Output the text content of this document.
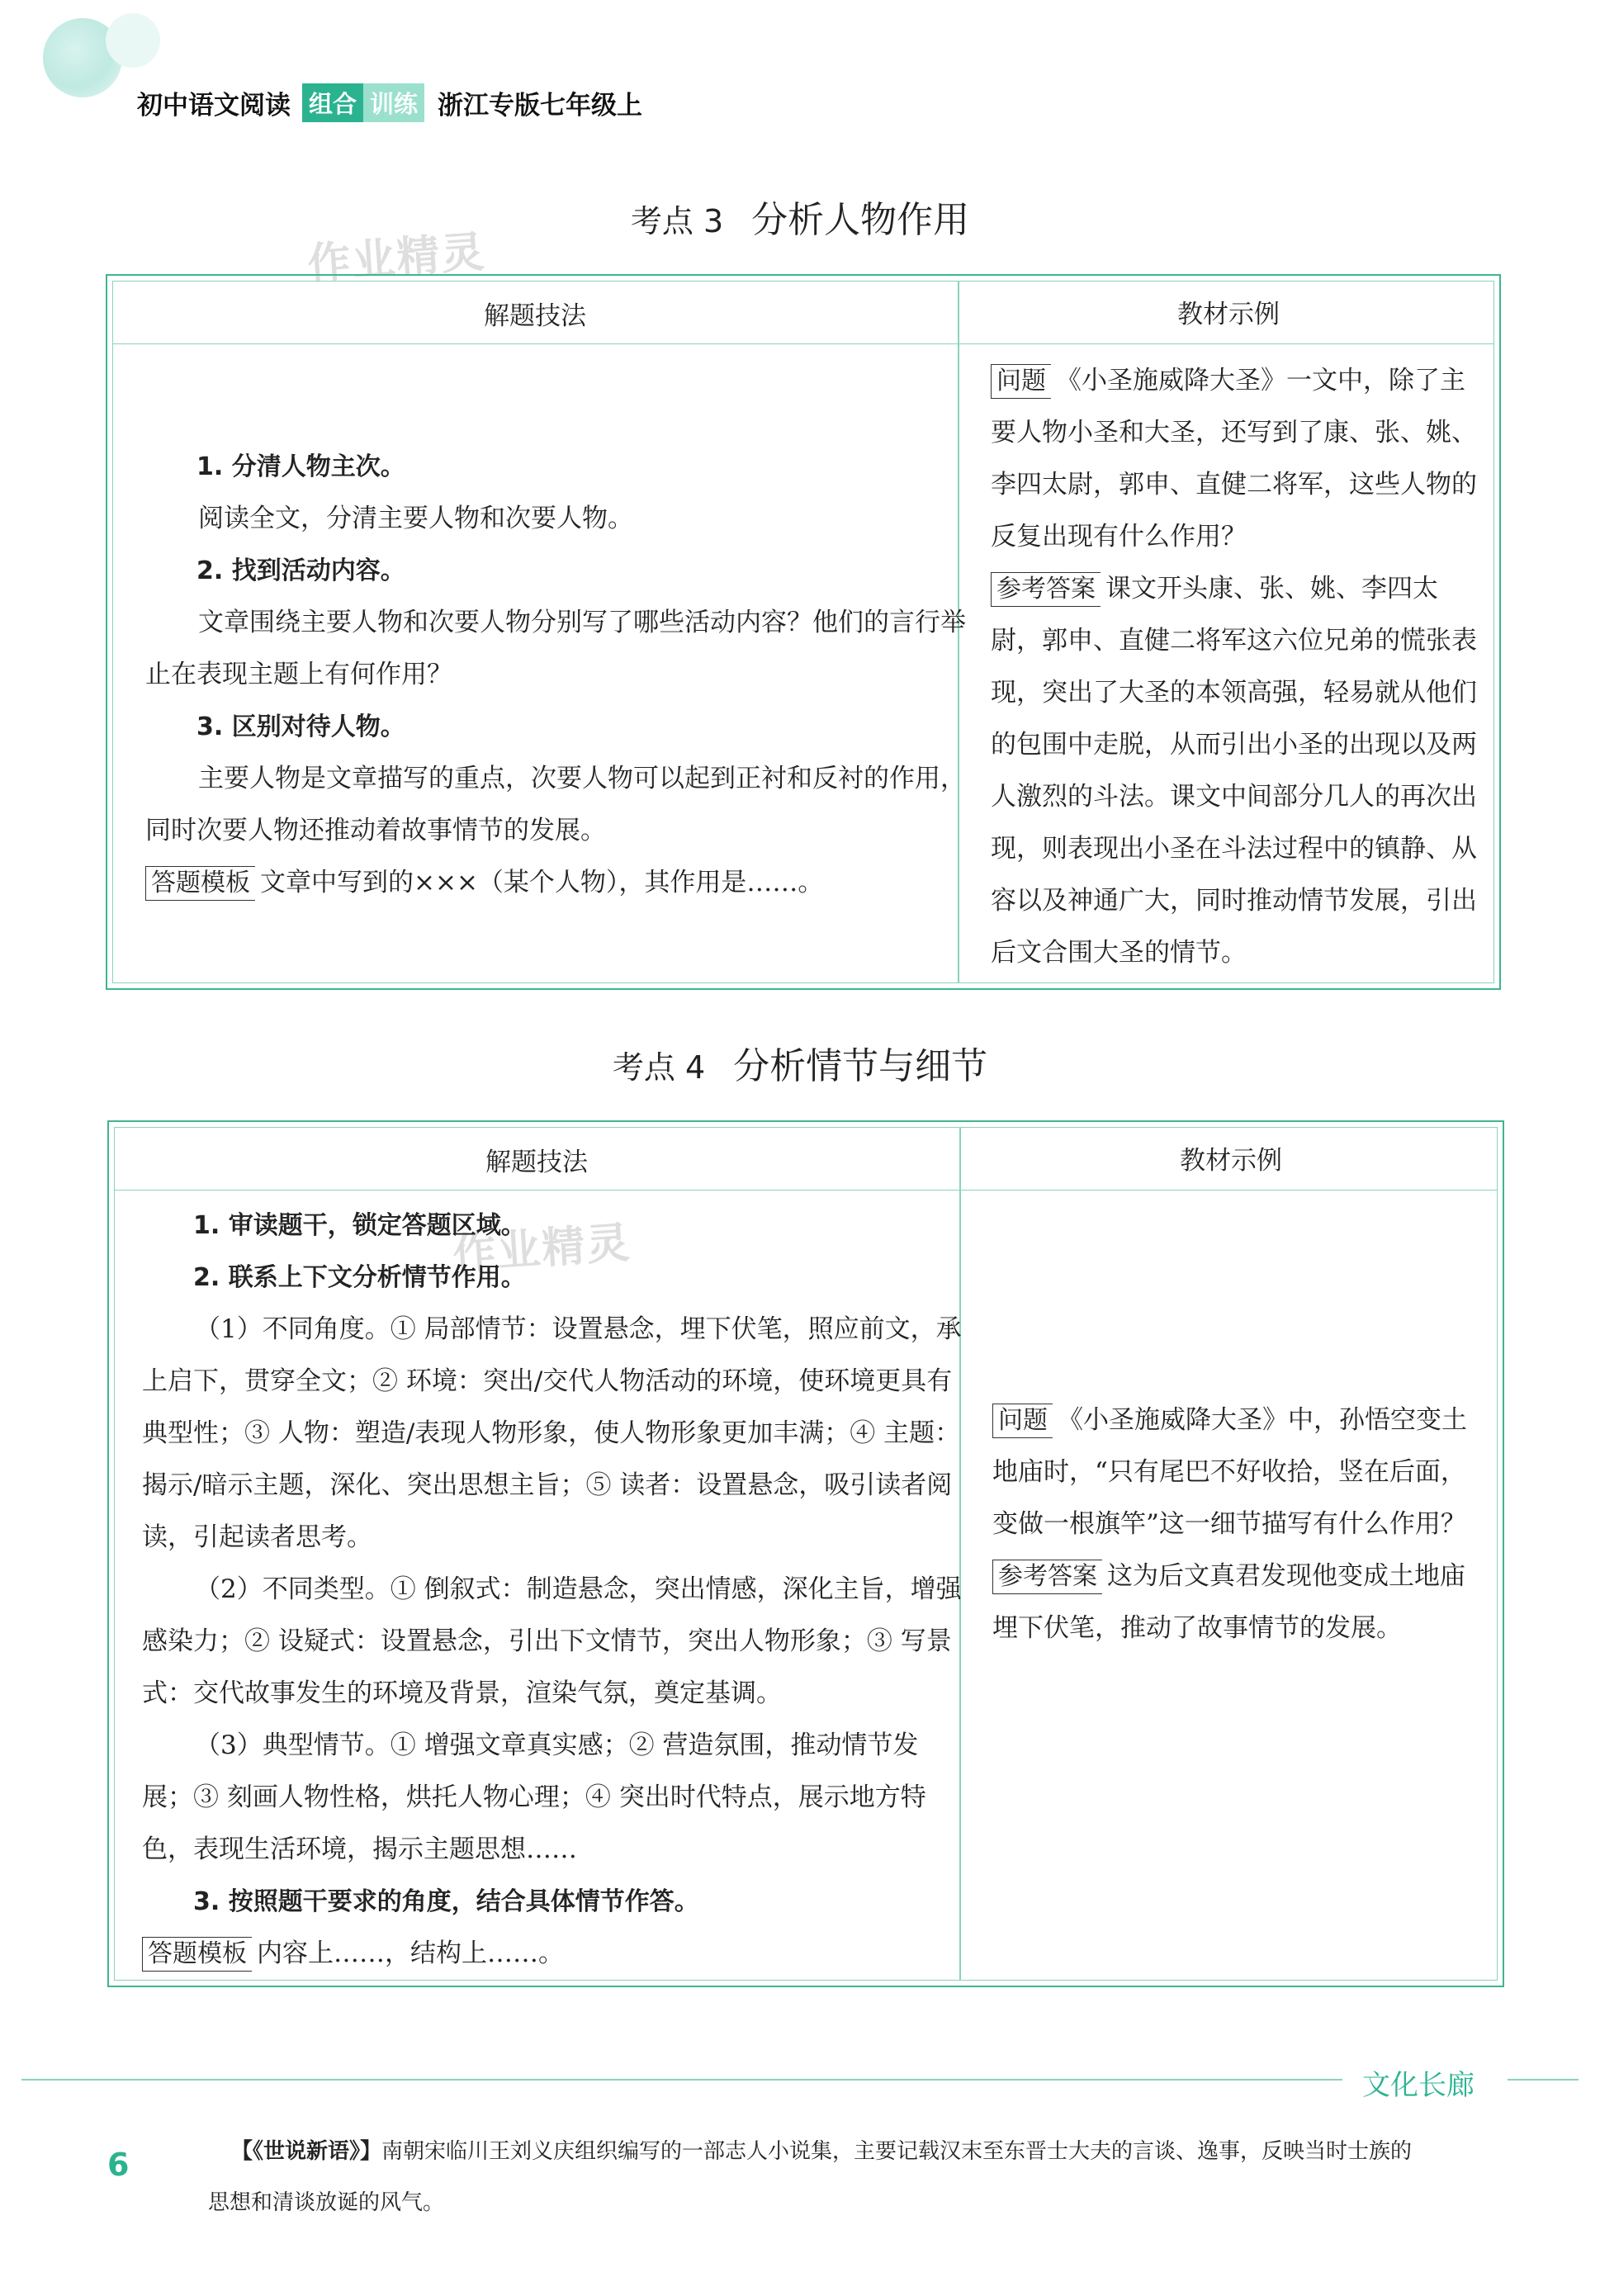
初中语文阅读 组合 训练 浙江专版七年级上
作业精灵
作业精灵
考点 3 分析人物作用
解题技法	教材示例

1. 分清人物主次。

阅读全文，分清主要人物和次要人物。

2. 找到活动内容。

文章围绕主要人物和次要人物分别写了哪些活动内容？他们的言行举止在表现主题上有何作用？

3. 区别对待人物。

主要人物是文章描写的重点，次要人物可以起到正衬和反衬的作用，同时次要人物还推动着故事情节的发展。

答题模板 文章中写到的×××（某个人物），其作用是……。

问题 《小圣施威降大圣》一文中，除了主要人物小圣和大圣，还写到了康、张、姚、李四太尉，郭申、直健二将军，这些人物的反复出现有什么作用？

参考答案 课文开头康、张、姚、李四太尉，郭申、直健二将军这六位兄弟的慌张表现，突出了大圣的本领高强，轻易就从他们的包围中走脱，从而引出小圣的出现以及两人激烈的斗法。课文中间部分几人的再次出现，则表现出小圣在斗法过程中的镇静、从容以及神通广大，同时推动情节发展，引出后文合围大圣的情节。

考点 4 分析情节与细节
解题技法	教材示例

1. 审读题干，锁定答题区域。

2. 联系上下文分析情节作用。

（1）不同角度。① 局部情节：设置悬念，埋下伏笔，照应前文，承上启下，贯穿全文；② 环境：突出/交代人物活动的环境，使环境更具有典型性；③ 人物：塑造/表现人物形象，使人物形象更加丰满；④ 主题：揭示/暗示主题，深化、突出思想主旨；⑤ 读者：设置悬念，吸引读者阅读，引起读者思考。

（2）不同类型。① 倒叙式：制造悬念，突出情感，深化主旨，增强感染力；② 设疑式：设置悬念，引出下文情节，突出人物形象；③ 写景式：交代故事发生的环境及背景，渲染气氛，奠定基调。

（3）典型情节。① 增强文章真实感；② 营造氛围，推动情节发展；③ 刻画人物性格，烘托人物心理；④ 突出时代特点，展示地方特色，表现生活环境，揭示主题思想……

3. 按照题干要求的角度，结合具体情节作答。

答题模板 内容上……，结构上……。

问题 《小圣施威降大圣》中，孙悟空变土地庙时，“只有尾巴不好收拾，竖在后面，变做一根旗竿”这一细节描写有什么作用？

参考答案 这为后文真君发现他变成土地庙埋下伏笔，推动了故事情节的发展。

文化长廊
6	【《世说新语》】南朝宋临川王刘义庆组织编写的一部志人小说集，主要记载汉末至东晋士大夫的言谈、逸事，反映当时士族的思想和清谈放诞的风气。
